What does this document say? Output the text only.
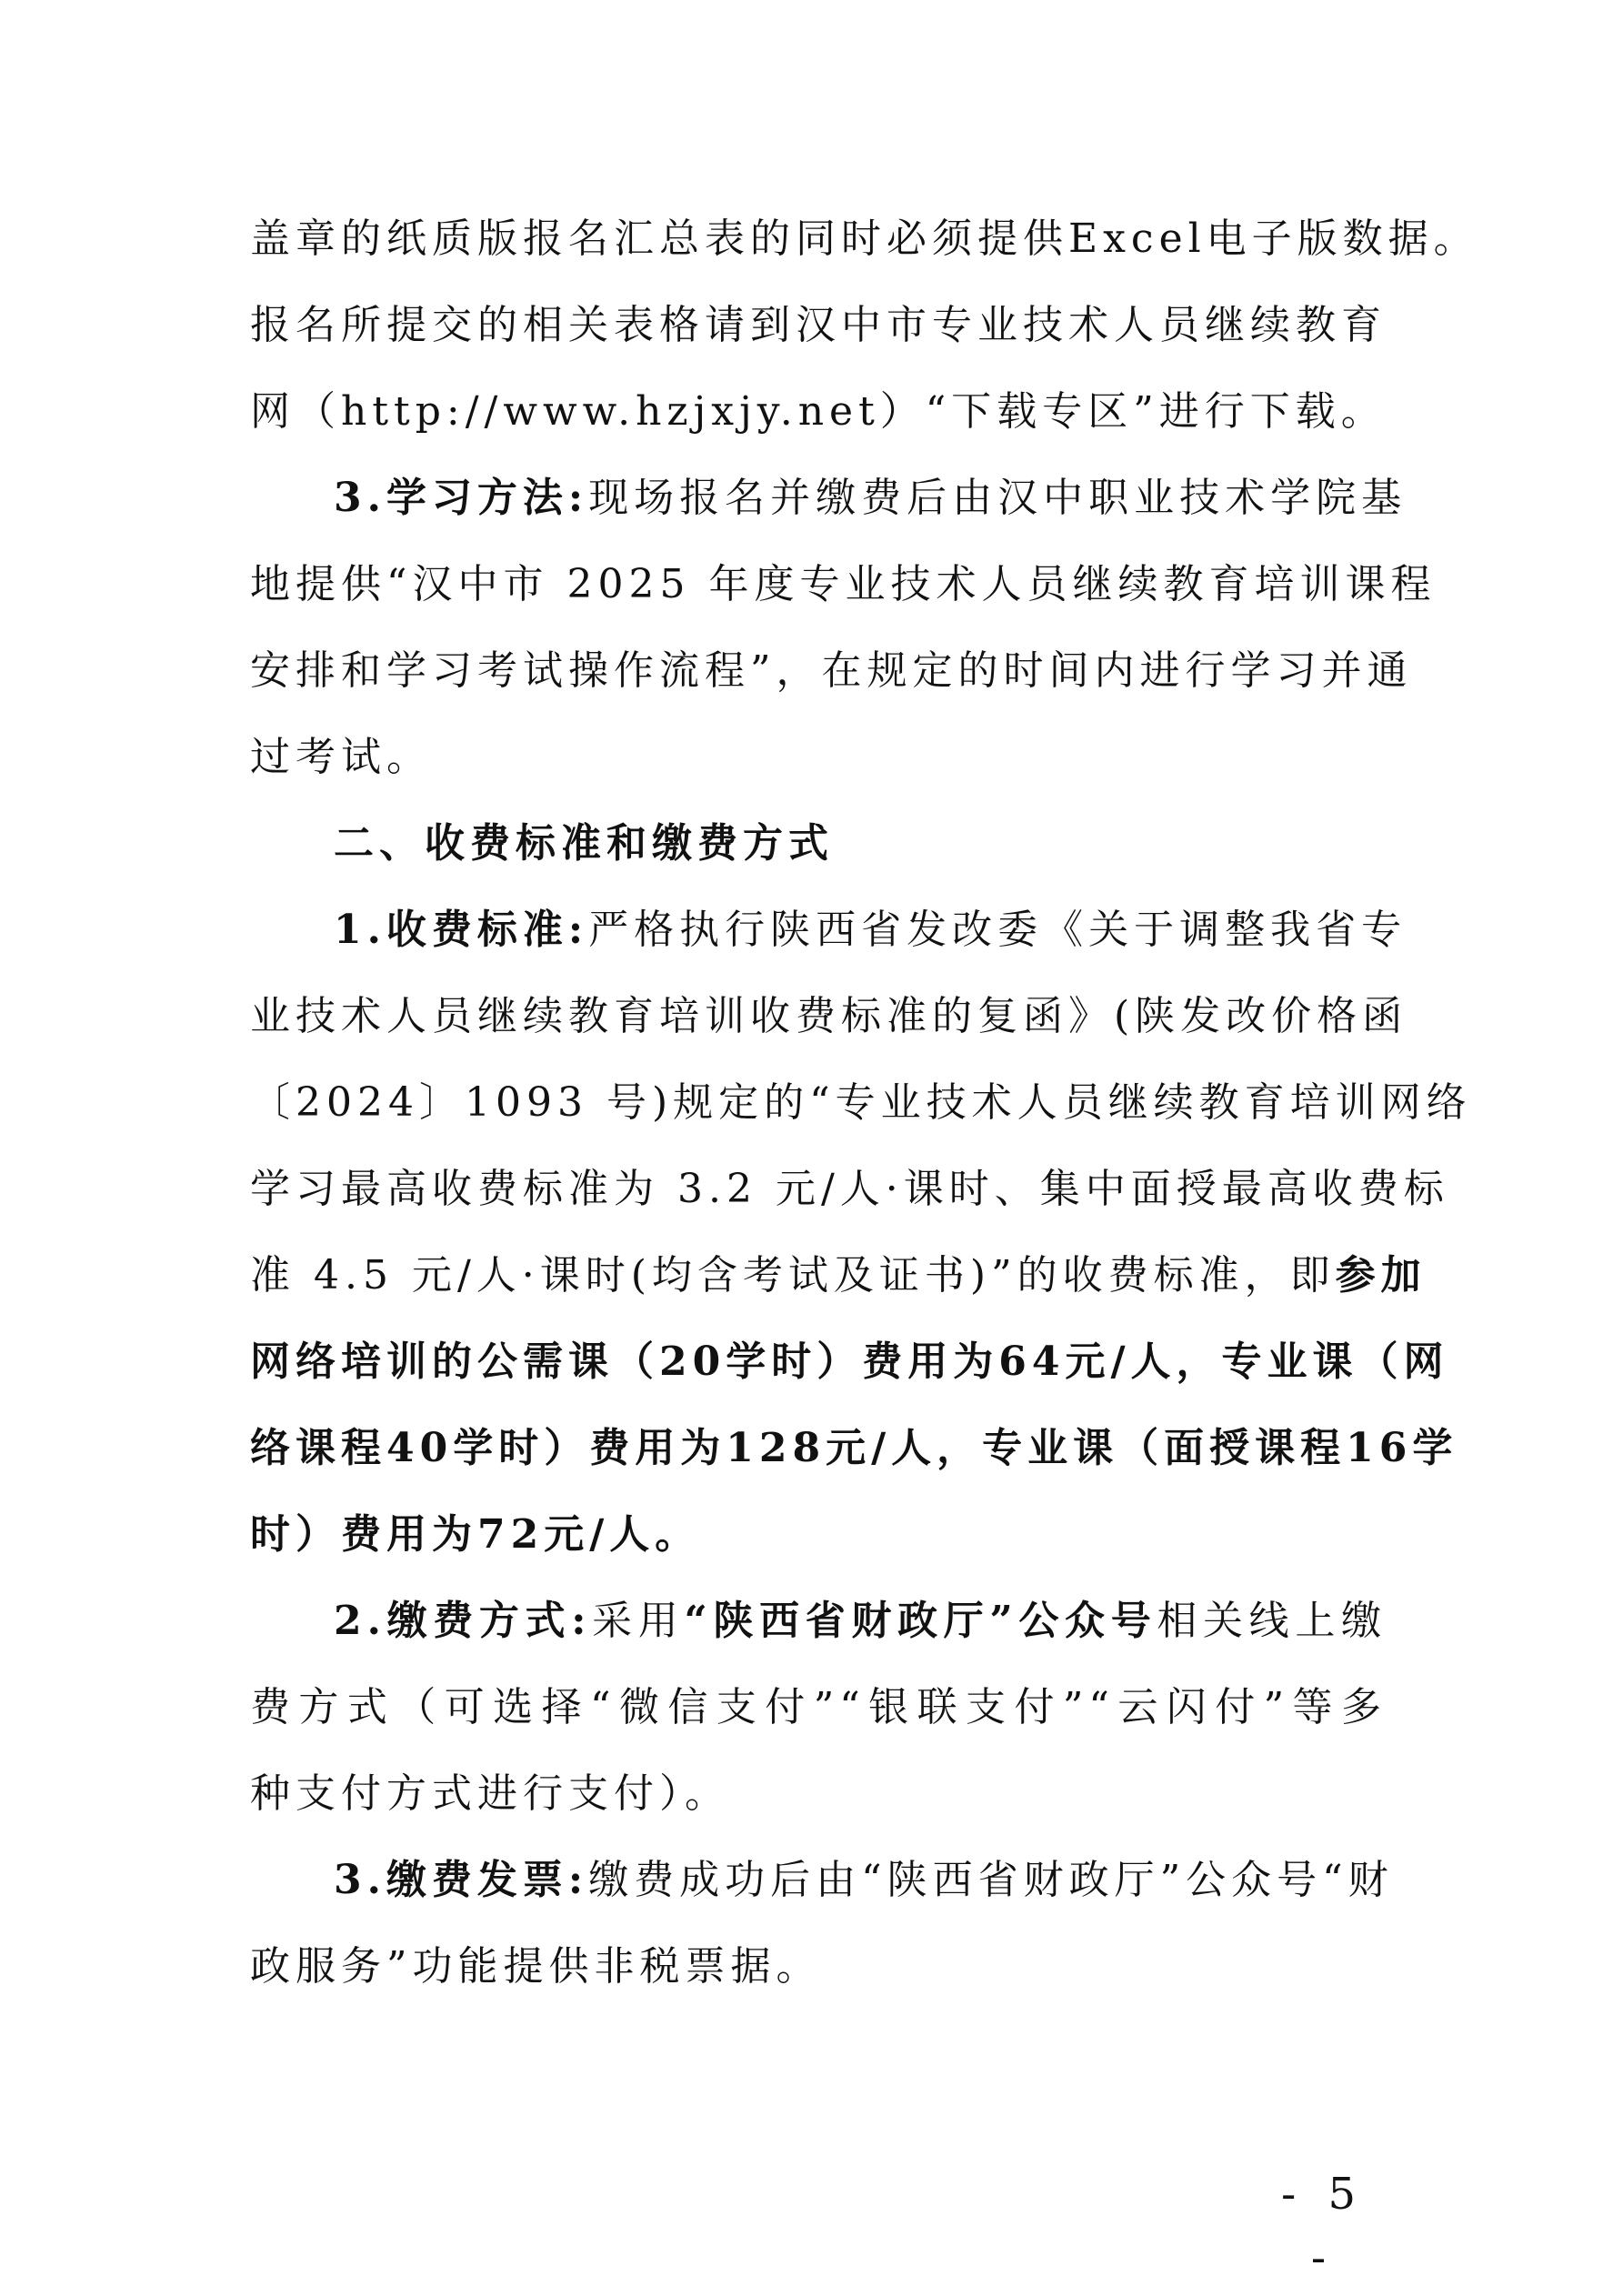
盖章的纸质版报名汇总表的同时必须提供Excel电子版数据。
报名所提交的相关表格请到汉中市专业技术人员继续教育
网（http://www.hzjxjy.net）“下载专区”进行下载。
3.学习方法:现场报名并缴费后由汉中职业技术学院基
地提供“汉中市 2025 年度专业技术人员继续教育培训课程
安排和学习考试操作流程”，在规定的时间内进行学习并通
过考试。
二、收费标准和缴费方式
1.收费标准:严格执行陕西省发改委《关于调整我省专
业技术人员继续教育培训收费标准的复函》(陕发改价格函
〔2024〕1093 号)规定的“专业技术人员继续教育培训网络
学习最高收费标准为 3.2 元/人·课时、集中面授最高收费标
准 4.5 元/人·课时(均含考试及证书)”的收费标准，即参加
网络培训的公需课（20学时）费用为64元/人，专业课（网
络课程40学时）费用为128元/人，专业课（面授课程16学
时）费用为72元/人。
2.缴费方式:采用“陕西省财政厅”公众号相关线上缴
费方式（可选择“微信支付”“银联支付”“云闪付”等多
种支付方式进行支付）。
3.缴费发票:缴费成功后由“陕西省财政厅”公众号“财
政服务”功能提供非税票据。
- 5 -
